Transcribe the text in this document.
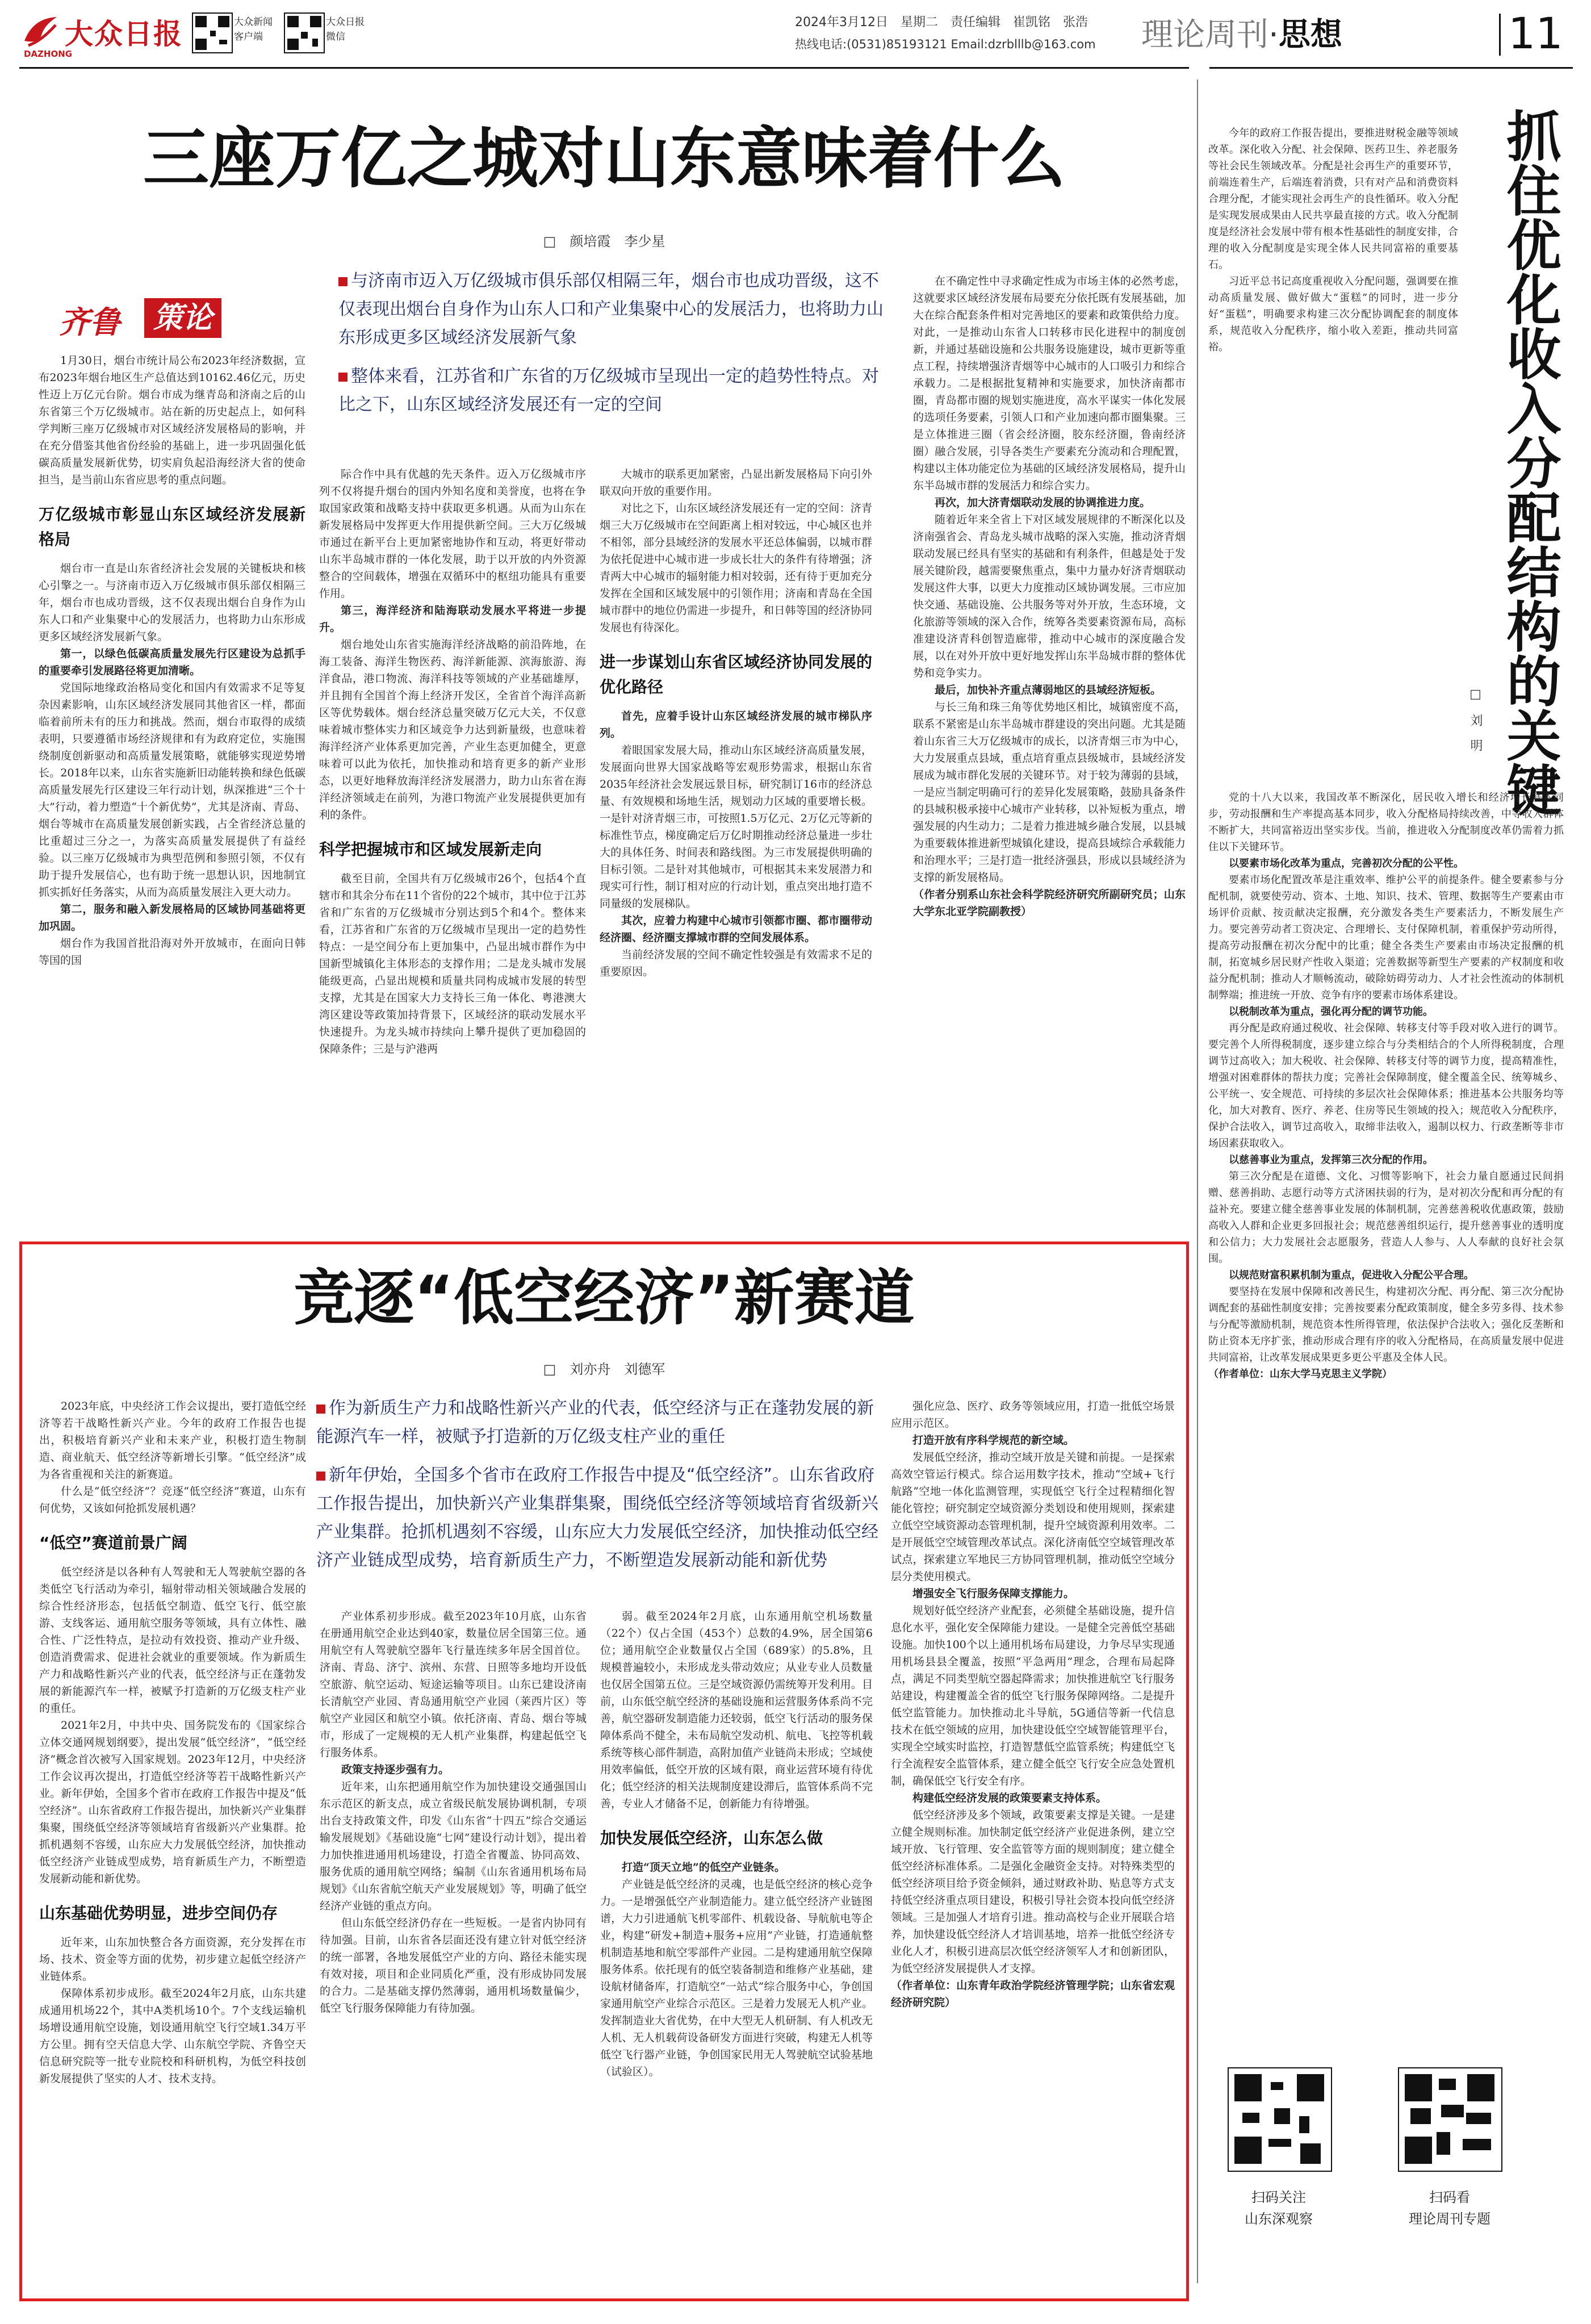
大众日报
DAZHONG
大众新闻
客户端
大众日报
微信
2024年3月12日　星期二　责任编辑　崔凯铭　张浩
热线电话:(0531)85193121 Email:dzrblllb@163.com 理论周刊·思想	11
三座万亿之城对山东意味着什么
□　颜培霞　李少星
齐鲁	策论

与济南市迈入万亿级城市俱乐部仅相隔三年，烟台市也成功晋级，这不仅表现出烟台自身作为山东人口和产业集聚中心的发展活力，也将助力山东形成更多区域经济发展新气象

整体来看，江苏省和广东省的万亿级城市呈现出一定的趋势性特点。对比之下，山东区域经济发展还有一定的空间

1月30日，烟台市统计局公布2023年经济数据，宣布2023年烟台地区生产总值达到10162.46亿元，历史性迈上万亿元台阶。烟台市成为继青岛和济南之后的山东省第三个万亿级城市。站在新的历史起点上，如何科学判断三座万亿级城市对区域经济发展格局的影响，并在充分借鉴其他省份经验的基础上，进一步巩固强化低碳高质量发展新优势，切实肩负起沿海经济大省的使命担当，是当前山东省应思考的重点问题。

万亿级城市彰显山东区域经济发展新格局

烟台市一直是山东省经济社会发展的关键板块和核心引擎之一。与济南市迈入万亿级城市俱乐部仅相隔三年，烟台市也成功晋级，这不仅表现出烟台自身作为山东人口和产业集聚中心的发展活力，也将助力山东形成更多区域经济发展新气象。

第一，以绿色低碳高质量发展先行区建设为总抓手的重要牵引发展路径将更加清晰。

党国际地缘政治格局变化和国内有效需求不足等复杂因素影响，山东区域经济发展同其他省区一样，都面临着前所未有的压力和挑战。然而，烟台市取得的成绩表明，只要遵循市场经济规律和有为政府定位，实施围绕制度创新驱动和高质量发展策略，就能够实现逆势增长。2018年以来，山东省实施新旧动能转换和绿色低碳高质量发展先行区建设三年行动计划，纵深推进“三个十大”行动，着力塑造“十个新优势”，尤其是济南、青岛、烟台等城市在高质量发展创新实践，占全省经济总量的比重超过三分之一，为落实高质量发展提供了有益经验。以三座万亿级城市为典型范例和参照引领，不仅有助于提升发展信心，也有助于统一思想认识，因地制宜抓实抓好任务落实，从而为高质量发展注入更大动力。

第二，服务和融入新发展格局的区域协同基础将更加巩固。

烟台作为我国首批沿海对外开放城市，在面向日韩等国的国

际合作中具有优越的先天条件。迈入万亿级城市序列不仅将提升烟台的国内外知名度和美誉度，也将在争取国家政策和战略支持中获取更多机遇。从而为山东在新发展格局中发挥更大作用提供新空间。三大万亿级城市通过在新平台上更加紧密地协作和互动，将更好带动山东半岛城市群的一体化发展，助于以开放的内外资源整合的空间载体，增强在双循环中的枢纽功能具有重要作用。

第三，海洋经济和陆海联动发展水平将进一步提升。

烟台地处山东省实施海洋经济战略的前沿阵地，在海工装备、海洋生物医药、海洋新能源、滨海旅游、海洋食品，港口物流、海洋科技等领域的产业基础雄厚，并且拥有全国首个海上经济开发区，全省首个海洋高新区等优势载体。烟台经济总量突破万亿元大关，不仅意味着城市整体实力和区域竞争力达到新量级，也意味着海洋经济产业体系更加完善，产业生态更加健全，更意味着可以此为依托，加快推动和培育更多的新产业形态，以更好地释放海洋经济发展潜力，助力山东省在海洋经济领域走在前列，为港口物流产业发展提供更加有利的条件。

科学把握城市和区域发展新走向

截至目前，全国共有万亿级城市26个，包括4个直辖市和其余分布在11个省份的22个城市，其中位于江苏省和广东省的万亿级城市分别达到5个和4个。整体来看，江苏省和广东省的万亿级城市呈现出一定的趋势性特点：一是空间分布上更加集中，凸显出城市群作为中国新型城镇化主体形态的支撑作用；二是龙头城市发展能级更高，凸显出规模和质量共同构成城市发展的转型支撑，尤其是在国家大力支持长三角一体化、粤港澳大湾区建设等政策加持背景下，区域经济的联动发展水平快速提升。为龙头城市持续向上攀升提供了更加稳固的保障条件；三是与沪港两

大城市的联系更加紧密，凸显出新发展格局下向引外联双向开放的重要作用。

对比之下，山东区域经济发展还有一定的空间：济青烟三大万亿级城市在空间距离上相对较远，中心城区也并不相邻，部分县域经济的发展水平还总体偏弱，以城市群为依托促进中心城市进一步成长壮大的条件有待增强；济青两大中心城市的辐射能力相对较弱，还有待于更加充分发挥在全国和区域发展中的引领作用；济南和青岛在全国城市群中的地位仍需进一步提升，和日韩等国的经济协同发展也有待深化。

进一步谋划山东省区域经济协同发展的优化路径

首先，应着手设计山东区域经济发展的城市梯队序列。

着眼国家发展大局，推动山东区域经济高质量发展，发展面向世界大国家战略等宏观形势需求，根据山东省2035年经济社会发展远景目标，研究制订16市的经济总量、有效规模和场地生活，规划动力区域的重要增长极。一是针对济青烟三市，可按照1.5万亿元、2万亿元等新的标准性节点，梯度确定后万亿时期推动经济总量进一步壮大的具体任务、时间表和路线图。为三市发展提供明确的目标引领。二是针对其他城市，可根据其未来发展潜力和现实可行性，制订相对应的行动计划，重点突出地打造不同量级的发展梯队。

其次，应着力构建中心城市引领都市圈、都市圈带动经济圈、经济圈支撑城市群的空间发展体系。

当前经济发展的空间不确定性较强是有效需求不足的重要原因。

在不确定性中寻求确定性成为市场主体的必然考虑，这就要求区域经济发展布局要充分依托既有发展基础，加大在综合配套条件相对完善地区的要素和政策供给力度。对此，一是推动山东省人口转移市民化进程中的制度创新，并通过基础设施和公共服务设施建设，城市更新等重点工程，持续增强济青烟等中心城市的人口吸引力和综合承载力。二是根据批复精神和实施要求，加快济南都市圈，青岛都市圈的规划实施进度，高水平谋实一体化发展的选项任务要素，引领人口和产业加速向都市圈集聚。三是立体推进三圈（省会经济圈，胶东经济圈，鲁南经济圈）融合发展，引导各类生产要素充分流动和合理配置，构建以主体功能定位为基础的区域经济发展格局，提升山东半岛城市群的发展活力和综合实力。

再次，加大济青烟联动发展的协调推进力度。

随着近年来全省上下对区域发展规律的不断深化以及济南强省会、青岛龙头城市战略的深入实施，推动济青烟联动发展已经具有坚实的基础和有利条件，但越是处于发展关键阶段，越需要聚焦重点，集中力量办好济青烟联动发展这件大事，以更大力度推动区域协调发展。三市应加快交通、基础设施、公共服务等对外开放，生态环境，文化旅游等领域的深入合作，统筹各类要素资源布局，高标准建设济青科创智造廊带，推动中心城市的深度融合发展，以在对外开放中更好地发挥山东半岛城市群的整体优势和竞争实力。

最后，加快补齐重点薄弱地区的县域经济短板。

与长三角和珠三角等优势地区相比，城镇密度不高，联系不紧密是山东半岛城市群建设的突出问题。尤其是随着山东省三大万亿级城市的成长，以济青烟三市为中心，大力发展重点县域，重点培育重点县级城市，县域经济发展成为城市群化发展的关键环节。对于较为薄弱的县域，一是应当制定明确可行的差异化发展策略，鼓励具备条件的县城积极承接中心城市产业转移，以补短板为重点，增强发展的内生动力；二是着力推进城乡融合发展，以县城为重要载体推进新型城镇化建设，提高县域综合承载能力和治理水平；三是打造一批经济强县，形成以县域经济为支撑的新发展格局。

（作者分别系山东社会科学院经济研究所副研究员；山东大学东北亚学院副教授）

竞逐“低空经济”新赛道
□　刘亦舟　刘德军

作为新质生产力和战略性新兴产业的代表，低空经济与正在蓬勃发展的新能源汽车一样，被赋予打造新的万亿级支柱产业的重任

新年伊始，全国多个省市在政府工作报告中提及“低空经济”。山东省政府工作报告提出，加快新兴产业集群集聚，围绕低空经济等领域培育省级新兴产业集群。抢抓机遇刻不容缓，山东应大力发展低空经济，加快推动低空经济产业链成型成势，培育新质生产力，不断塑造发展新动能和新优势

2023年底，中央经济工作会议提出，要打造低空经济等若干战略性新兴产业。今年的政府工作报告也提出，积极培育新兴产业和未来产业，积极打造生物制造、商业航天、低空经济等新增长引擎。“低空经济”成为各省重视和关注的新赛道。

什么是“低空经济”？竞逐“低空经济”赛道，山东有何优势，又该如何抢抓发展机遇？

“低空”赛道前景广阔

低空经济是以各种有人驾驶和无人驾驶航空器的各类低空飞行活动为牵引，辐射带动相关领域融合发展的综合性经济形态，包括低空制造、低空飞行、低空旅游、支线客运、通用航空服务等领域，具有立体性、融合性、广泛性特点，是拉动有效投资、推动产业升级、创造消费需求、促进社会就业的重要领域。作为新质生产力和战略性新兴产业的代表，低空经济与正在蓬勃发展的新能源汽车一样，被赋予打造新的万亿级支柱产业的重任。

2021年2月，中共中央、国务院发布的《国家综合立体交通网规划纲要》，提出发展“低空经济”，“低空经济”概念首次被写入国家规划。2023年12月，中央经济工作会议再次提出，打造低空经济等若干战略性新兴产业。新年伊始，全国多个省市在政府工作报告中提及“低空经济”。山东省政府工作报告提出，加快新兴产业集群集聚，围绕低空经济等领域培育省级新兴产业集群。抢抓机遇刻不容缓，山东应大力发展低空经济，加快推动低空经济产业链成型成势，培育新质生产力，不断塑造发展新动能和新优势。

山东基础优势明显，进步空间仍存

近年来，山东加快整合各方面资源，充分发挥在市场、技术、资金等方面的优势，初步建立起低空经济产业链体系。

保障体系初步成形。截至2024年2月底，山东共建成通用机场22个，其中A类机场10个。7个支线运输机场增设通用航空设施，划设通用航空飞行空域1.34万平方公里。拥有空天信息大学、山东航空学院、齐鲁空天信息研究院等一批专业院校和科研机构，为低空科技创新发展提供了坚实的人才、技术支持。

产业体系初步形成。截至2023年10月底，山东省在册通用航空企业达到40家，数量位居全国第三位。通用航空有人驾驶航空器年飞行量连续多年居全国首位。济南、青岛、济宁、滨州、东营、日照等多地均开设低空旅游、航空运动、短途运输等项目。山东已建设济南长清航空产业园、青岛通用航空产业园（莱西片区）等航空产业园区和航空小镇。依托济南、青岛、烟台等城市，形成了一定规模的无人机产业集群，构建起低空飞行服务体系。

政策支持逐步强有力。

近年来，山东把通用航空作为加快建设交通强国山东示范区的新支点，成立省级民航发展协调机制，专项出台支持政策文件，印发《山东省“十四五”综合交通运输发展规划》《基础设施“七网”建设行动计划》，提出着力加快推进通用机场建设，打造全省覆盖、协同高效、服务优质的通用航空网络；编制《山东省通用机场布局规划》《山东省航空航天产业发展规划》等，明确了低空经济产业链的重点方向。

但山东低空经济仍存在一些短板。一是省内协同有待加强。目前，山东省各层面还没有建立针对低空经济的统一部署，各地发展低空产业的方向、路径未能实现有效对接，项目和企业同质化严重，没有形成协同发展的合力。二是基础支撑仍然薄弱，通用机场数量偏少，低空飞行服务保障能力有待加强。

弱。截至2024年2月底，山东通用航空机场数量（22个）仅占全国（453个）总数的4.9%，居全国第6位；通用航空企业数量仅占全国（689家）的5.8%，且规模普遍较小，未形成龙头带动效应；从业专业人员数量也仅居全国第五位。三是空域资源仍需统筹开发利用。目前，山东低空航空经济的基础设施和运营服务体系尚不完善，航空器研发制造能力还较弱，低空飞行活动的服务保障体系尚不健全，未布局航空发动机、航电、飞控等机载系统等核心部件制造，高附加值产业链尚未形成；空域使用效率偏低，低空开放的区域有限，商业运营环境有待优化；低空经济的相关法规制度建设滞后，监管体系尚不完善，专业人才储备不足，创新能力有待增强。

加快发展低空经济，山东怎么做

打造“顶天立地”的低空产业链条。

产业链是低空经济的灵魂，也是低空经济的核心竞争力。一是增强低空产业制造能力。建立低空经济产业链图谱，大力引进通航飞机零部件、机载设备、导航航电等企业，构建“研发+制造+服务+应用”产业链，打造通航整机制造基地和航空零部件产业园。二是构建通用航空保障服务体系。依托现有的低空装备制造和维修产业基础，建设航材储备库，打造航空“一站式”综合服务中心，争创国家通用航空产业综合示范区。三是着力发展无人机产业。发挥制造业大省优势，在中大型无人机研制、有人机改无人机、无人机载荷设备研发方面进行突破，构建无人机等低空飞行器产业链，争创国家民用无人驾驶航空试验基地（试验区）。

强化应急、医疗、政务等领域应用，打造一批低空场景应用示范区。

打造开放有序科学规范的新空域。

发展低空经济，推动空域开放是关键和前提。一是探索高效空管运行模式。综合运用数字技术，推动“空域+飞行航路”空地一体化监测管理，实现低空飞行全过程精细化智能化管控；研究制定空域资源分类划设和使用规则，探索建立低空空域资源动态管理机制，提升空域资源利用效率。二是开展低空空域管理改革试点。深化济南低空空域管理改革试点，探索建立军地民三方协同管理机制，推动低空空域分层分类使用模式。

增强安全飞行服务保障支撑能力。

规划好低空经济产业配套，必须健全基础设施，提升信息化水平，强化安全保障能力建设。一是健全完善低空基础设施。加快100个以上通用机场布局建设，力争尽早实现通用机场县县全覆盖，按照“平急两用”理念，合理布局起降点，满足不同类型航空器起降需求；加快推进航空飞行服务站建设，构建覆盖全省的低空飞行服务保障网络。二是提升低空监管能力。加快推动北斗导航，5G通信等新一代信息技术在低空领域的应用，加快建设低空空域智能管理平台，实现全空域实时监控，打造智慧低空监管系统；构建低空飞行全流程安全监管体系，建立健全低空飞行安全应急处置机制，确保低空飞行安全有序。

构建低空经济发展的政策要素支持体系。

低空经济涉及多个领域，政策要素支撑是关键。一是建立健全规则标准。加快制定低空经济产业促进条例，建立空域开放、飞行管理、安全监管等方面的规则制度；建立健全低空经济标准体系。二是强化金融资金支持。对特殊类型的低空经济项目给予资金倾斜，通过财政补助、贴息等方式支持低空经济重点项目建设，积极引导社会资本投向低空经济领域。三是加强人才培育引进。推动高校与企业开展联合培养，加快建设低空经济人才培训基地，培养一批低空经济专业化人才，积极引进高层次低空经济领军人才和创新团队，为低空经济发展提供人才支撑。

（作者单位：山东青年政治学院经济管理学院；山东省宏观经济研究院）

今年的政府工作报告提出，要推进财税金融等领域改革。深化收入分配、社会保障、医药卫生、养老服务等社会民生领域改革。分配是社会再生产的重要环节，前端连着生产，后端连着消费，只有对产品和消费资料合理分配，才能实现社会再生产的良性循环。收入分配是实现发展成果由人民共享最直接的方式。收入分配制度是经济社会发展中带有根本性基础性的制度安排，合理的收入分配制度是实现全体人民共同富裕的重要基石。

习近平总书记高度重视收入分配问题，强调要在推动高质量发展、做好做大“蛋糕”的同时，进一步分好“蛋糕”，明确要求构建三次分配协调配套的制度体系，规范收入分配秩序，缩小收入差距，推动共同富裕。	抓住优化收入分配结构的关键
□　刘　明

党的十八大以来，我国改革不断深化，居民收入增长和经济增长基本同步，劳动报酬和生产率提高基本同步，收入分配格局持续改善，中等收入群体不断扩大，共同富裕迈出坚实步伐。当前，推进收入分配制度改革仍需着力抓住以下关键环节。

以要素市场化改革为重点，完善初次分配的公平性。

要素市场化配置改革是注重效率、维护公平的前提条件。健全要素参与分配机制，就要使劳动、资本、土地、知识、技术、管理、数据等生产要素由市场评价贡献、按贡献决定报酬，充分激发各类生产要素活力，不断发展生产力。要完善劳动者工资决定、合理增长、支付保障机制，着重保护劳动所得，提高劳动报酬在初次分配中的比重；健全各类生产要素由市场决定报酬的机制，拓宽城乡居民财产性收入渠道；完善数据等新型生产要素的产权制度和收益分配机制；推动人才顺畅流动，破除妨碍劳动力、人才社会性流动的体制机制弊端；推进统一开放、竞争有序的要素市场体系建设。

以税制改革为重点，强化再分配的调节功能。

再分配是政府通过税收、社会保障、转移支付等手段对收入进行的调节。要完善个人所得税制度，逐步建立综合与分类相结合的个人所得税制度，合理调节过高收入；加大税收、社会保障、转移支付等的调节力度，提高精准性，增强对困难群体的帮扶力度；完善社会保障制度，健全覆盖全民、统筹城乡、公平统一、安全规范、可持续的多层次社会保障体系；推进基本公共服务均等化，加大对教育、医疗、养老、住房等民生领域的投入；规范收入分配秩序，保护合法收入，调节过高收入，取缔非法收入，遏制以权力、行政垄断等非市场因素获取收入。

以慈善事业为重点，发挥第三次分配的作用。

第三次分配是在道德、文化、习惯等影响下，社会力量自愿通过民间捐赠、慈善捐助、志愿行动等方式济困扶弱的行为，是对初次分配和再分配的有益补充。要建立健全慈善事业发展的体制机制，完善慈善税收优惠政策，鼓励高收入人群和企业更多回报社会；规范慈善组织运行，提升慈善事业的透明度和公信力；大力发展社会志愿服务，营造人人参与、人人奉献的良好社会氛围。

以规范财富积累机制为重点，促进收入分配公平合理。

要坚持在发展中保障和改善民生，构建初次分配、再分配、第三次分配协调配套的基础性制度安排；完善按要素分配政策制度，健全多劳多得、技术参与分配等激励机制，规范资本性所得管理，依法保护合法收入；强化反垄断和防止资本无序扩张，推动形成合理有序的收入分配格局，在高质量发展中促进共同富裕，让改革发展成果更多更公平惠及全体人民。

（作者单位：山东大学马克思主义学院）

扫码关注
山东深观察
扫码看
理论周刊专题
